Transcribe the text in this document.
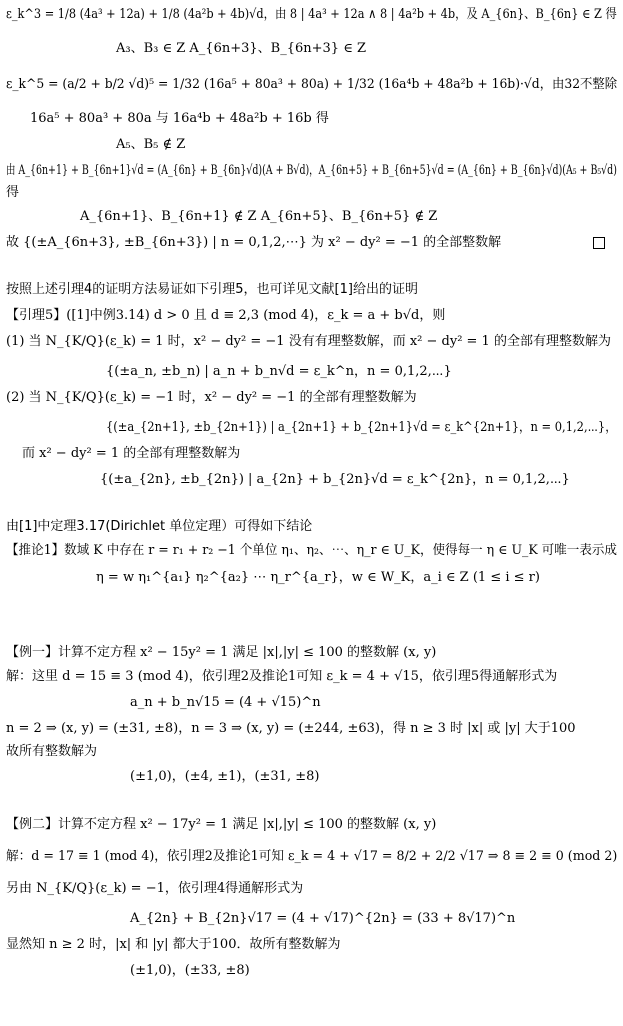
ε_k^3 = 1/8 (4a³ + 12a) + 1/8 (4a²b + 4b)√d，由 8 | 4a³ + 12a ∧ 8 | 4a²b + 4b，及 A_{6n}、B_{6n} ∈ Z 得
A₃、B₃ ∈ Z A_{6n+3}、B_{6n+3} ∈ Z
ε_k^5 = (a/2 + b/2 √d)⁵ = 1/32 (16a⁵ + 80a³ + 80a) + 1/32 (16a⁴b + 48a²b + 16b)·√d，由32不整除
16a⁵ + 80a³ + 80a 与 16a⁴b + 48a²b + 16b 得
A₅、B₅ ∉ Z
由 A_{6n+1} + B_{6n+1}√d = (A_{6n} + B_{6n}√d)(A + B√d)，A_{6n+5} + B_{6n+5}√d = (A_{6n} + B_{6n}√d)(A₅ + B₅√d)
得
A_{6n+1}、B_{6n+1} ∉ Z A_{6n+5}、B_{6n+5} ∉ Z
故 {(±A_{6n+3}, ±B_{6n+3}) | n = 0,1,2,⋯} 为 x² − dy² = −1 的全部整数解
按照上述引理4的证明方法易证如下引理5，也可详见文献[1]给出的证明
【引理5】([1]中例3.14) d > 0 且 d ≡ 2,3 (mod 4)，ε_k = a + b√d，则
(1) 当 N_{K/Q}(ε_k) = 1 时，x² − dy² = −1 没有有理整数解，而 x² − dy² = 1 的全部有理整数解为
{(±a_n, ±b_n) | a_n + b_n√d = ε_k^n，n = 0,1,2,⋯}
(2) 当 N_{K/Q}(ε_k) = −1 时，x² − dy² = −1 的全部有理整数解为
{(±a_{2n+1}, ±b_{2n+1}) | a_{2n+1} + b_{2n+1}√d = ε_k^{2n+1}，n = 0,1,2,⋯}，
而 x² − dy² = 1 的全部有理整数解为
{(±a_{2n}, ±b_{2n}) | a_{2n} + b_{2n}√d = ε_k^{2n}，n = 0,1,2,⋯}
由[1]中定理3.17(Dirichlet 单位定理）可得如下结论
【推论1】数域 K 中存在 r = r₁ + r₂ −1 个单位 η₁、η₂、⋯、η_r ∈ U_K，使得每一 η ∈ U_K 可唯一表示成
η = w η₁^{a₁} η₂^{a₂} ⋯ η_r^{a_r}，w ∈ W_K，a_i ∈ Z (1 ≤ i ≤ r)
【例一】计算不定方程 x² − 15y² = 1 满足 |x|,|y| ≤ 100 的整数解 (x, y)
解：这里 d = 15 ≡ 3 (mod 4)，依引理2及推论1可知 ε_k = 4 + √15，依引理5得通解形式为
a_n + b_n√15 = (4 + √15)^n
n = 2 ⇒ (x, y) = (±31, ±8)，n = 3 ⇒ (x, y) = (±244, ±63)，得 n ≥ 3 时 |x| 或 |y| 大于100
故所有整数解为
(±1,0)，(±4, ±1)，(±31, ±8)
【例二】计算不定方程 x² − 17y² = 1 满足 |x|,|y| ≤ 100 的整数解 (x, y)
解：d = 17 ≡ 1 (mod 4)，依引理2及推论1可知 ε_k = 4 + √17 = 8/2 + 2/2 √17 ⇒ 8 ≡ 2 ≡ 0 (mod 2)
另由 N_{K/Q}(ε_k) = −1，依引理4得通解形式为
A_{2n} + B_{2n}√17 = (4 + √17)^{2n} = (33 + 8√17)^n
显然知 n ≥ 2 时，|x| 和 |y| 都大于100．故所有整数解为
(±1,0)，(±33, ±8)
